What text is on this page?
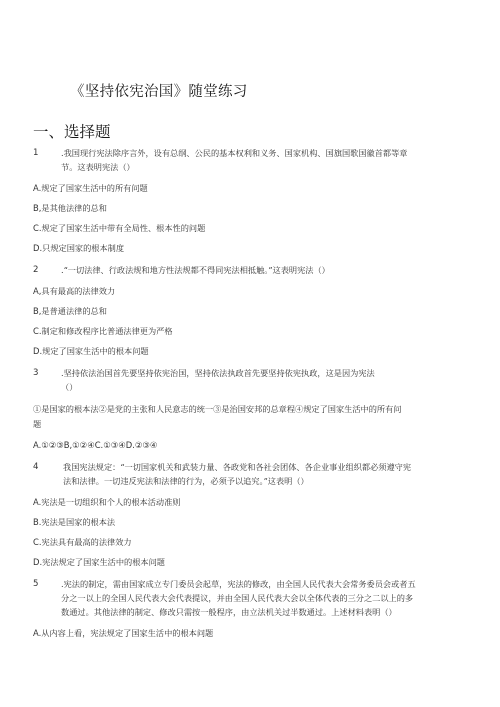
《坚持依宪治国》随堂练习
一、选择题
1	.我国现行宪法除序言外，设有总纲、公民的基本权利和义务、国家机构、国旗国歌国徽首都等章
节。这表明宪法（）
A.规定了国家生活中的所有问题
B,是其他法律的总和
C.规定了国家生活中带有全局性、根本性的问题
D.只规定国家的根本制度
2	.“一切法律、行政法规和地方性法规都不得同宪法相抵触。”这表明宪法（）
A,具有最高的法律效力
B,是普通法律的总和
C.制定和修改程序比普通法律更为严格
D.规定了国家生活中的根本问题
3	.坚持依法治国首先要坚持依宪治国，坚持依法执政首先要坚持依宪执政，这是因为宪法
（）
①是国家的根本法②是党的主张和人民意志的统一③是治国安邦的总章程④规定了国家生活中的所有问
题
A.①②③B,①②④C.①③④D.②③④
4	我国宪法规定：“一切国家机关和武装力量、各政党和各社会团体、各企业事业组织都必须遵守宪
法和法律。一切违反宪法和法律的行为，必须予以追究。”这表明（）
A.宪法是一切组织和个人的根本活动准则
B.宪法是国家的根本法
C.宪法具有最高的法律效力
D.宪法规定了国家生活中的根本问题
5	.宪法的制定，需由国家成立专门委员会起草，宪法的修改，由全国人民代表大会常务委员会或者五
分之一以上的全国人民代表大会代表提议，并由全国人民代表大会以全体代表的三分之二以上的多
数通过。其他法律的制定、修改只需按一般程序，由立法机关过半数通过。上述材料表明（）
A.从内容上看，宪法规定了国家生活中的根本问题
